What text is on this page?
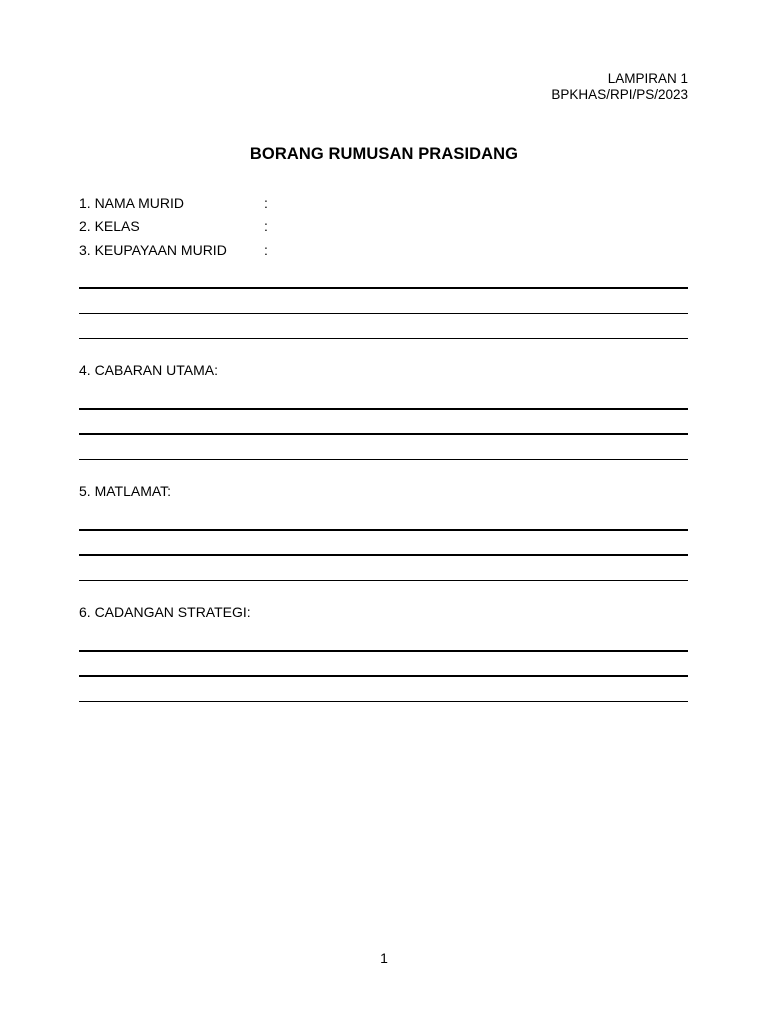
LAMPIRAN 1
BPKHAS/RPI/PS/2023
BORANG RUMUSAN PRASIDANG
1. NAMA MURID	:
2. KELAS	:
3. KEUPAYAAN MURID	:
4. CABARAN UTAMA:
5. MATLAMAT:
6. CADANGAN STRATEGI:
1
